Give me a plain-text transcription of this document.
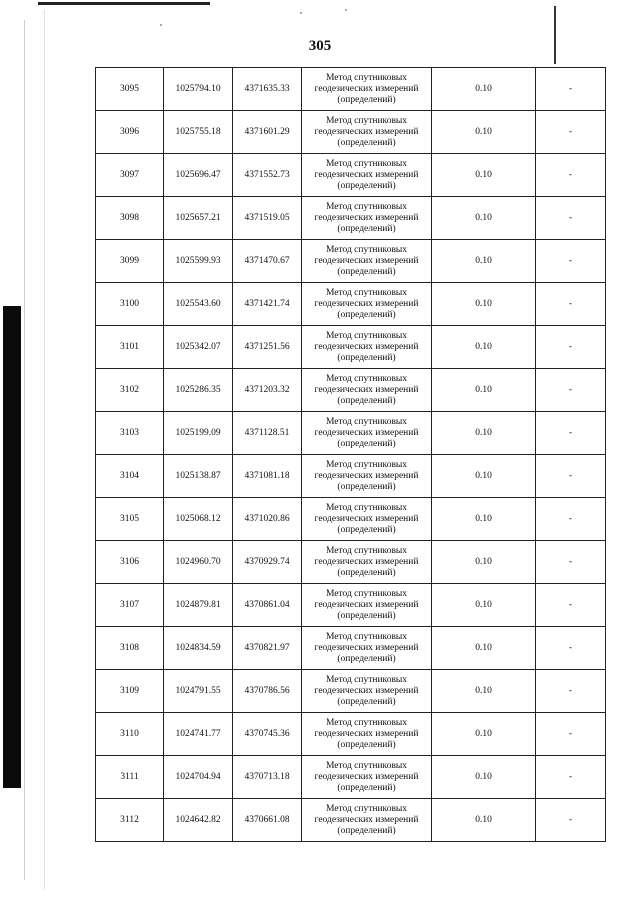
305
3095	1025794.10	4371635.33	Метод спутниковых
геодезических измерений
(определений)	0.10	-
3096	1025755.18	4371601.29	Метод спутниковых
геодезических измерений
(определений)	0.10	-
3097	1025696.47	4371552.73	Метод спутниковых
геодезических измерений
(определений)	0.10	-
3098	1025657.21	4371519.05	Метод спутниковых
геодезических измерений
(определений)	0.10	-
3099	1025599.93	4371470.67	Метод спутниковых
геодезических измерений
(определений)	0.10	-
3100	1025543.60	4371421.74	Метод спутниковых
геодезических измерений
(определений)	0.10	-
3101	1025342.07	4371251.56	Метод спутниковых
геодезических измерений
(определений)	0.10	-
3102	1025286.35	4371203.32	Метод спутниковых
геодезических измерений
(определений)	0.10	-
3103	1025199.09	4371128.51	Метод спутниковых
геодезических измерений
(определений)	0.10	-
3104	1025138.87	4371081.18	Метод спутниковых
геодезических измерений
(определений)	0.10	-
3105	1025068.12	4371020.86	Метод спутниковых
геодезических измерений
(определений)	0.10	-
3106	1024960.70	4370929.74	Метод спутниковых
геодезических измерений
(определений)	0.10	-
3107	1024879.81	4370861.04	Метод спутниковых
геодезических измерений
(определений)	0.10	-
3108	1024834.59	4370821.97	Метод спутниковых
геодезических измерений
(определений)	0.10	-
3109	1024791.55	4370786.56	Метод спутниковых
геодезических измерений
(определений)	0.10	-
3110	1024741.77	4370745.36	Метод спутниковых
геодезических измерений
(определений)	0.10	-
3111	1024704.94	4370713.18	Метод спутниковых
геодезических измерений
(определений)	0.10	-
3112	1024642.82	4370661.08	Метод спутниковых
геодезических измерений
(определений)	0.10	-
